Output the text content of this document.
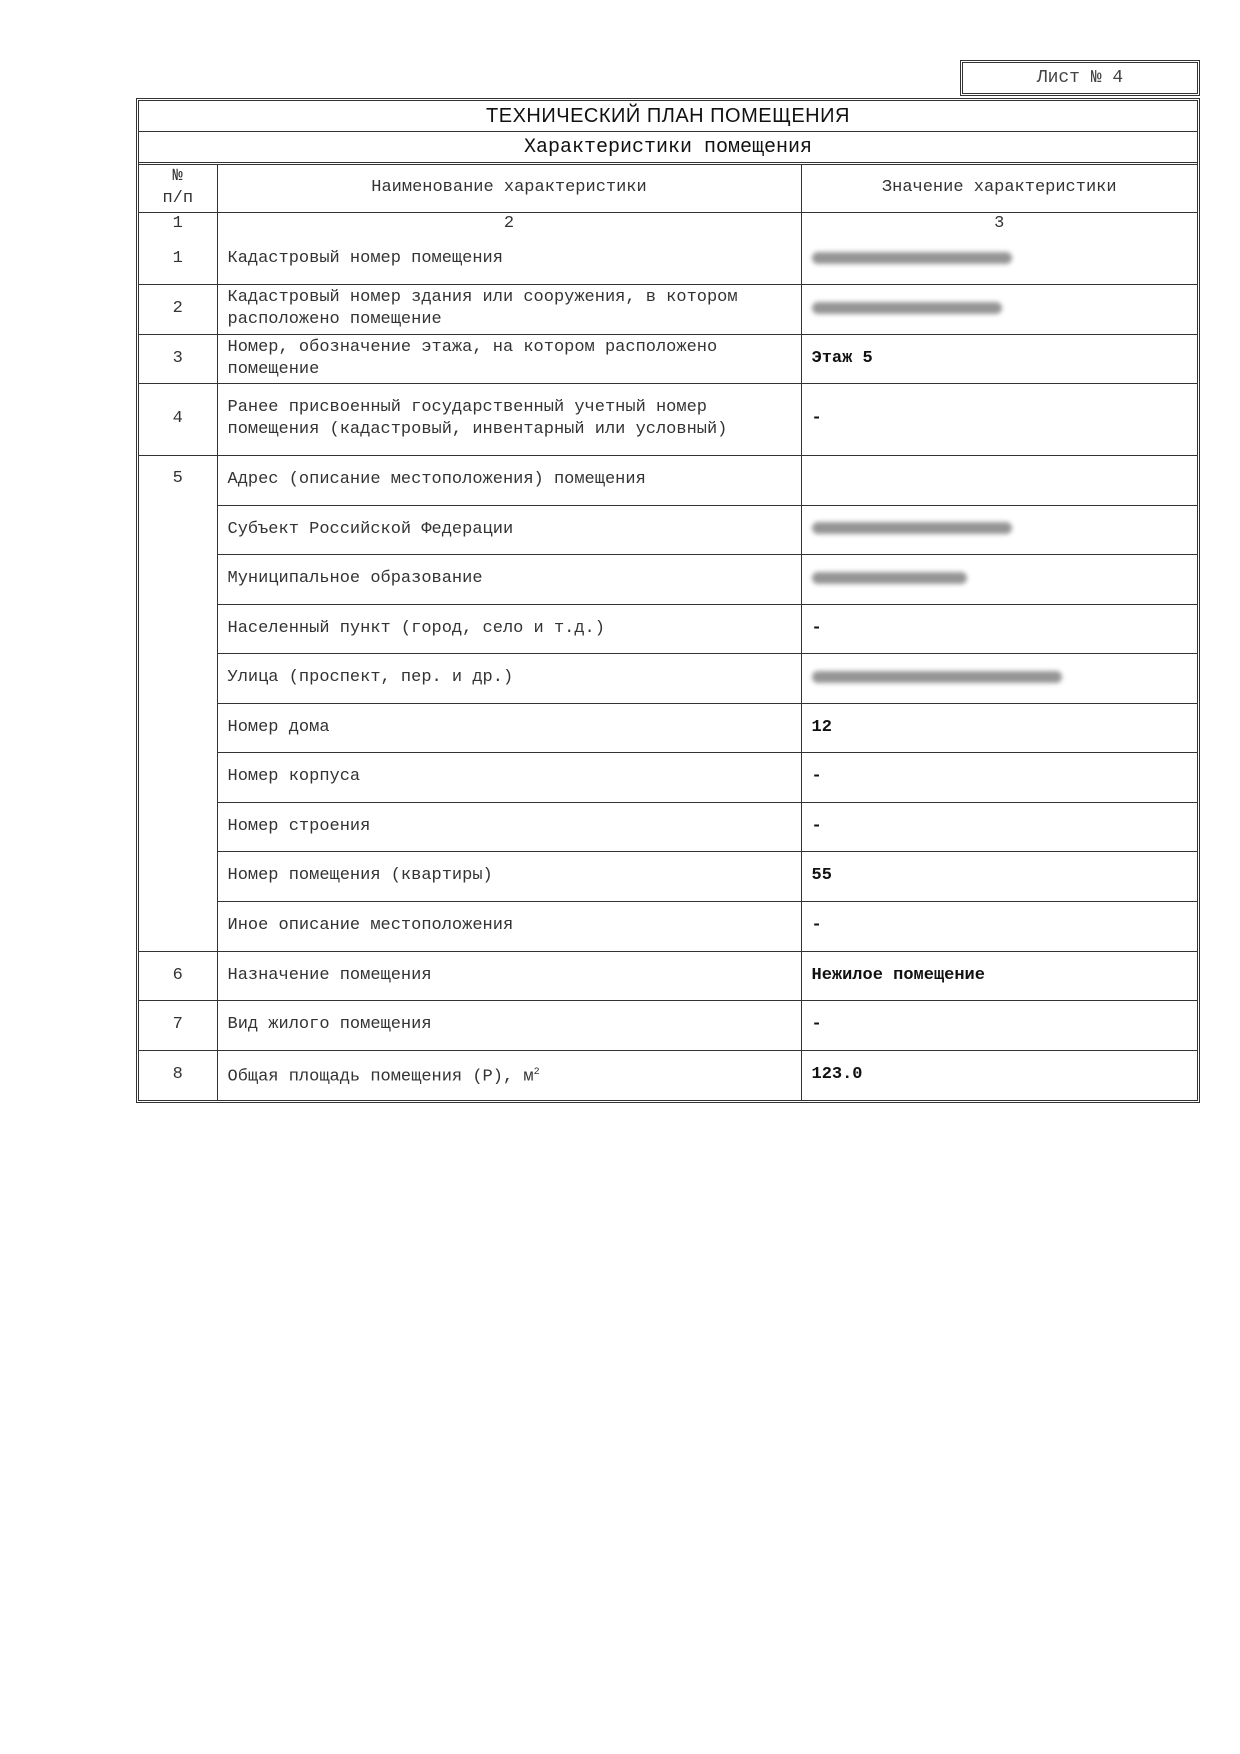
Лист № 4
ТЕХНИЧЕСКИЙ ПЛАН ПОМЕЩЕНИЯ
Характеристики помещения
№
п/п	Наименование характеристики	Значение характеристики
1	2	3
1	Кадастровый номер помещения	
2	Кадастровый номер здания или сооружения, в котором расположено помещение	
3	Номер, обозначение этажа, на котором расположено помещение	Этаж 5
4	Ранее присвоенный государственный учетный номер помещения (кадастровый, инвентарный или условный)	-
5	Адрес (описание местоположения) помещения	
	Субъект Российской Федерации	
	Муниципальное образование	
	Населенный пункт (город, село и т.д.)	-
	Улица (проспект, пер. и др.)	
	Номер дома	12
	Номер корпуса	-
	Номер строения	-
	Номер помещения (квартиры)	55
	Иное описание местоположения	-
6	Назначение помещения	Нежилое помещение
7	Вид жилого помещения	-
8	Общая площадь помещения (Р), $м^2$	123.0
